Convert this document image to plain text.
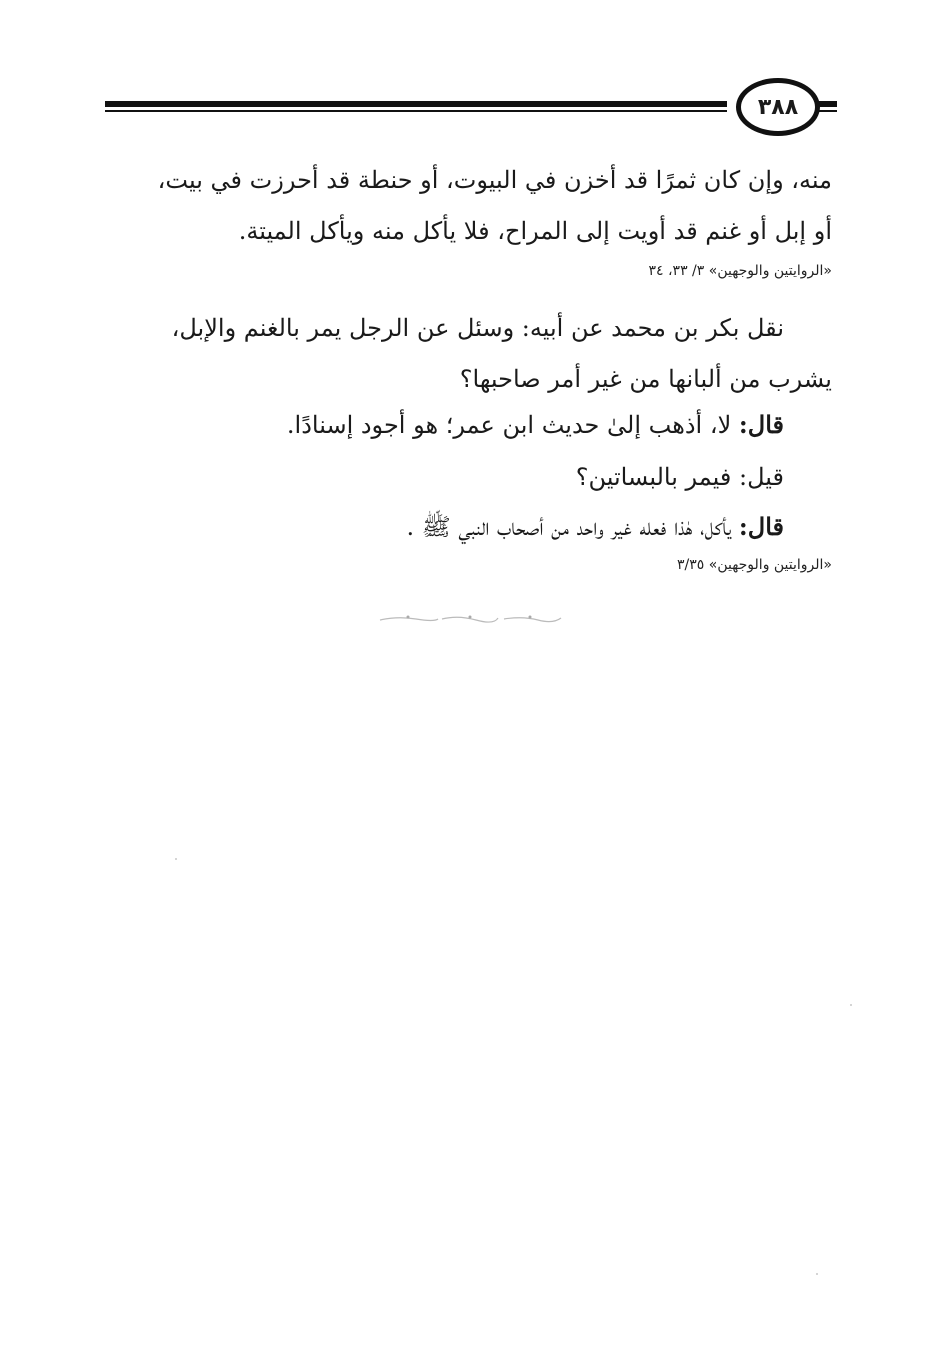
٣٨٨
منه، وإن كان ثمرًا قد أخزن في البيوت، أو حنطة قد أحرزت في بيت،
أو إبل أو غنم قد أويت إلى المراح، فلا يأكل منه ويأكل الميتة.
«الروايتين والوجهين» ٣/ ٣٣، ٣٤
نقل بكر بن محمد عن أبيه: وسئل عن الرجل يمر بالغنم والإبل،
يشرب من ألبانها من غير أمر صاحبها؟
قال: لا، أذهب إلىٰ حديث ابن عمر؛ هو أجود إسنادًا.
قيل: فيمر بالبساتين؟
قال: يأكل، هٰذا فعله غير واحد من أصحاب النبي ﷺ .
«الروايتين والوجهين» ٣/٣٥
